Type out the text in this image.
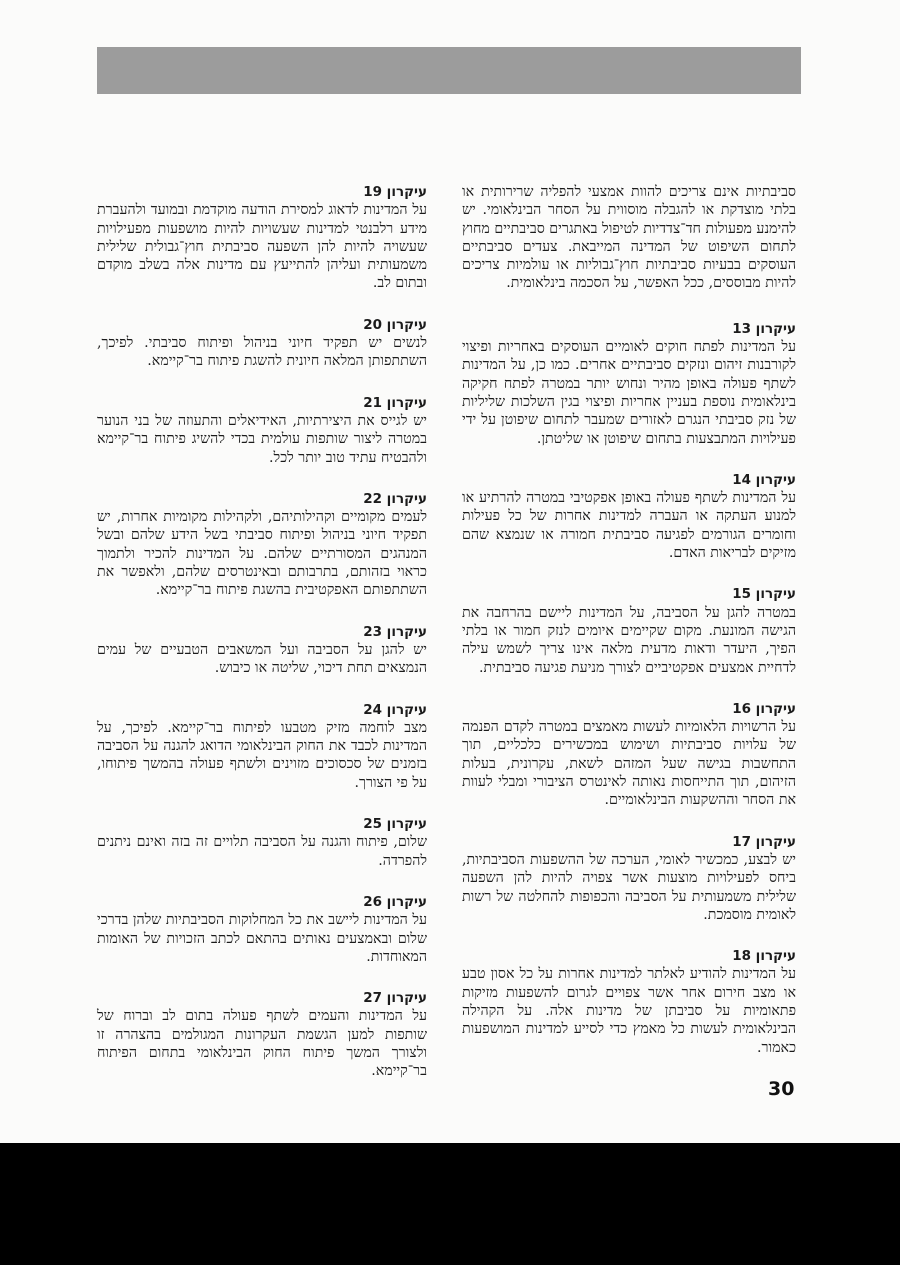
סביבתיות אינם צריכים להוות אמצעי להפליה שרירותית או בלתי מוצדקת או להגבלה מוסווית על הסחר הבינלאומי. יש להימנע מפעולות חד־צדדיות לטיפול באתגרים סביבתיים מחוץ לתחום השיפוט של המדינה המייבאת. צעדים סביבתיים העוסקים בבעיות סביבתיות חוץ־גבוליות או עולמיות צריכים להיות מבוססים, ככל האפשר, על הסכמה בינלאומית.

עיקרון 13

על המדינות לפתח חוקים לאומיים העוסקים באחריות ופיצוי לקורבנות זיהום ונזקים סביבתיים אחרים. כמו כן, על המדינות לשתף פעולה באופן מהיר ונחוש יותר במטרה לפתח חקיקה בינלאומית נוספת בעניין אחריות ופיצוי בגין השלכות שליליות של נזק סביבתי הנגרם לאזורים שמעבר לתחום שיפוטן על ידי פעילויות המתבצעות בתחום שיפוטן או שליטתן.

עיקרון 14

על המדינות לשתף פעולה באופן אפקטיבי במטרה להרתיע או למנוע העתקה או העברה למדינות אחרות של כל פעילות וחומרים הגורמים לפגיעה סביבתית חמורה או שנמצא שהם מזיקים לבריאות האדם.

עיקרון 15

במטרה להגן על הסביבה, על המדינות ליישם בהרחבה את הגישה המונעת. מקום שקיימים איומים לנזק חמור או בלתי הפיך, היעדר ודאות מדעית מלאה אינו צריך לשמש עילה לדחיית אמצעים אפקטיביים לצורך מניעת פגיעה סביבתית.

עיקרון 16

על הרשויות הלאומיות לעשות מאמצים במטרה לקדם הפנמה של עלויות סביבתיות ושימוש במכשירים כלכליים, תוך התחשבות בגישה שעל המזהם לשאת, עקרונית, בעלות הזיהום, תוך התייחסות נאותה לאינטרס הציבורי ומבלי לעוות את הסחר וההשקעות הבינלאומיים.

עיקרון 17

יש לבצע, כמכשיר לאומי, הערכה של ההשפעות הסביבתיות, ביחס לפעילויות מוצעות אשר צפויה להיות להן השפעה שלילית משמעותית על הסביבה והכפופות להחלטה של רשות לאומית מוסמכת.

עיקרון 18

על המדינות להודיע לאלתר למדינות אחרות על כל אסון טבע או מצב חירום אחר אשר צפויים לגרום להשפעות מזיקות פתאומיות על סביבתן של מדינות אלה. על הקהילה הבינלאומית לעשות כל מאמץ כדי לסייע למדינות המושפעות כאמור.

עיקרון 19

על המדינות לדאוג למסירת הודעה מוקדמת ובמועד ולהעברת מידע רלבנטי למדינות שעשויות להיות מושפעות מפעילויות שעשויה להיות להן השפעה סביבתית חוץ־גבולית שלילית משמעותית ועליהן להתייעץ עם מדינות אלה בשלב מוקדם ובתום לב.

עיקרון 20

לנשים יש תפקיד חיוני בניהול ופיתוח סביבתי. לפיכך, השתתפותן המלאה חיונית להשגת פיתוח בר־קיימא.

עיקרון 21

יש לגייס את היצירתיות, האידיאלים והתעוזה של בני הנוער במטרה ליצור שותפות עולמית בכדי להשיג פיתוח בר־קיימא ולהבטיח עתיד טוב יותר לכל.

עיקרון 22

לעמים מקומיים וקהילותיהם, ולקהילות מקומיות אחרות, יש תפקיד חיוני בניהול ופיתוח סביבתי בשל הידע שלהם ובשל המנהגים המסורתיים שלהם. על המדינות להכיר ולתמוך כראוי בזהותם, בתרבותם ובאינטרסים שלהם, ולאפשר את השתתפותם האפקטיבית בהשגת פיתוח בר־קיימא.

עיקרון 23

יש להגן על הסביבה ועל המשאבים הטבעיים של עמים הנמצאים תחת דיכוי, שליטה או כיבוש.

עיקרון 24

מצב לוחמה מזיק מטבעו לפיתוח בר־קיימא. לפיכך, על המדינות לכבד את החוק הבינלאומי הדואג להגנה על הסביבה בזמנים של סכסוכים מזוינים ולשתף פעולה בהמשך פיתוחו, על פי הצורך.

עיקרון 25

שלום, פיתוח והגנה על הסביבה תלויים זה בזה ואינם ניתנים להפרדה.

עיקרון 26

על המדינות ליישב את כל המחלוקות הסביבתיות שלהן בדרכי שלום ובאמצעים נאותים בהתאם לכתב הזכויות של האומות המאוחדות.

עיקרון 27

על המדינות והעמים לשתף פעולה בתום לב וברוח של שותפות למען הגשמת העקרונות המגולמים בהצהרה זו ולצורך המשך פיתוח החוק הבינלאומי בתחום הפיתוח בר־קיימא.

30
